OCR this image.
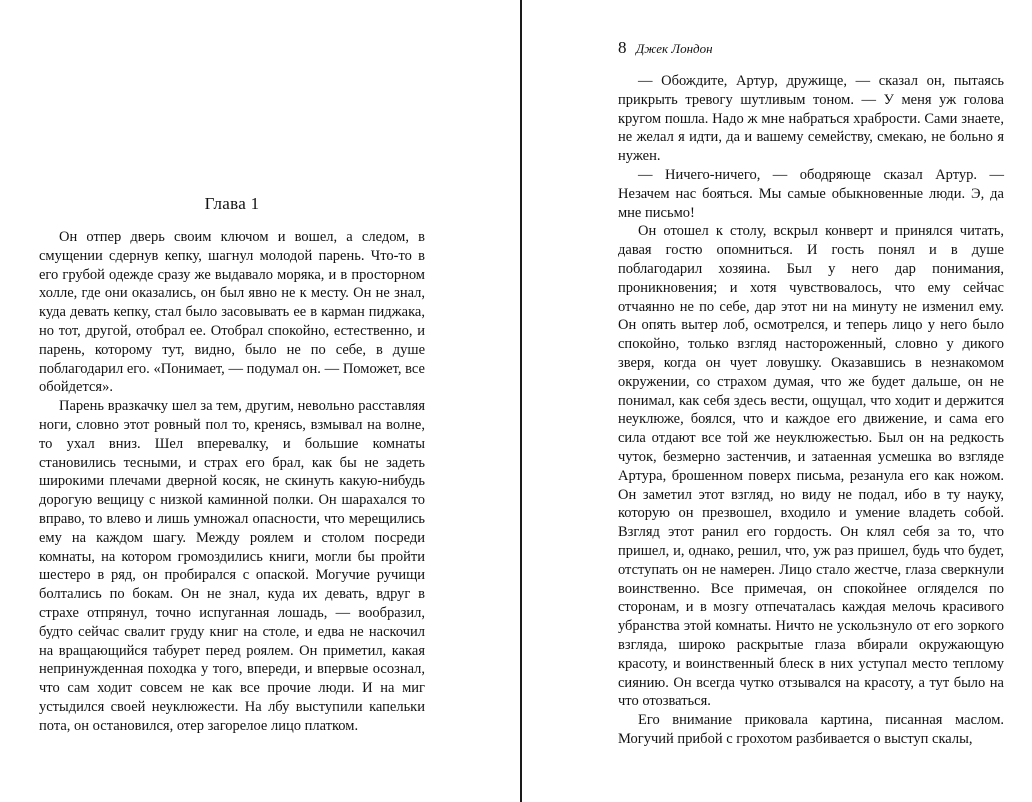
Глава 1

Он отпер дверь своим ключом и вошел, а следом, в смущении сдернув кепку, шагнул молодой парень. Что-то в его грубой одежде сразу же выдавало моряка, и в просторном холле, где они оказались, он был явно не к месту. Он не знал, куда девать кепку, стал было засовывать ее в карман пиджака, но тот, другой, отобрал ее. Отобрал спокойно, естественно, и парень, которому тут, видно, было не по себе, в душе поблагодарил его. «Понимает, — подумал он. — Поможет, все обойдется».

Парень вразкачку шел за тем, другим, невольно расставляя ноги, словно этот ровный пол то, кренясь, взмывал на волне, то ухал вниз. Шел вперевалку, и большие комнаты становились тесными, и страх его брал, как бы не задеть широкими плечами дверной косяк, не скинуть какую-нибудь дорогую вещицу с низкой каминной полки. Он шарахался то вправо, то влево и лишь умножал опасности, что мерещились ему на каждом шагу. Между роялем и столом посреди комнаты, на котором громоздились книги, могли бы пройти шестеро в ряд, он пробирался с опаской. Могучие ручищи болтались по бокам. Он не знал, куда их девать, вдруг в страхе отпрянул, точно испуганная лошадь, — вообразил, будто сейчас свалит груду книг на столе, и едва не наскочил на вращающийся табурет перед роялем. Он приметил, какая непринужденная походка у того, впереди, и впервые осознал, что сам ходит совсем не как все прочие люди. И на миг устыдился своей неуклюжести. На лбу выступили капельки пота, он остановился, отер загорелое лицо платком.

8 Джек Лондон

— Обождите, Артур, дружище, — сказал он, пытаясь прикрыть тревогу шутливым тоном. — У меня уж голова кругом пошла. Надо ж мне набраться храбрости. Сами знаете, не желал я идти, да и вашему семейству, смекаю, не больно я нужен.

— Ничего-ничего, — ободряюще сказал Артур. — Незачем нас бояться. Мы самые обыкновенные люди. Э, да мне письмо!

Он отошел к столу, вскрыл конверт и принялся читать, давая гостю опомниться. И гость понял и в душе поблагодарил хозяина. Был у него дар понимания, проникновения; и хотя чувствовалось, что ему сейчас отчаянно не по себе, дар этот ни на минуту не изменил ему. Он опять вытер лоб, осмотрелся, и теперь лицо у него было спокойно, только взгляд настороженный, словно у дикого зверя, когда он чует ловушку. Оказавшись в незнакомом окружении, со страхом думая, что же будет дальше, он не понимал, как себя здесь вести, ощущал, что ходит и держится неуклюже, боялся, что и каждое его движение, и сама его сила отдают все той же неуклюжестью. Был он на редкость чуток, безмерно застенчив, и затаенная усмешка во взгляде Артура, брошенном поверх письма, резанула его как ножом. Он заметил этот взгляд, но виду не подал, ибо в ту науку, которую он презвошел, входило и умение владеть собой. Взгляд этот ранил его гордость. Он клял себя за то, что пришел, и, однако, решил, что, уж раз пришел, будь что будет, отступать он не намерен. Лицо стало жестче, глаза сверкнули воинственно. Все примечая, он спокойнее огляделся по сторонам, и в мозгу отпечаталась каждая мелочь красивого убранства этой комнаты. Ничто не ускользнуло от его зоркого взгляда, широко раскрытые глаза вбирали окружающую красоту, и воинственный блеск в них уступал место теплому сиянию. Он всегда чутко отзывался на красоту, а тут было на что отозваться.

Его внимание приковала картина, писанная маслом. Могучий прибой с грохотом разбивается о выступ скалы,
